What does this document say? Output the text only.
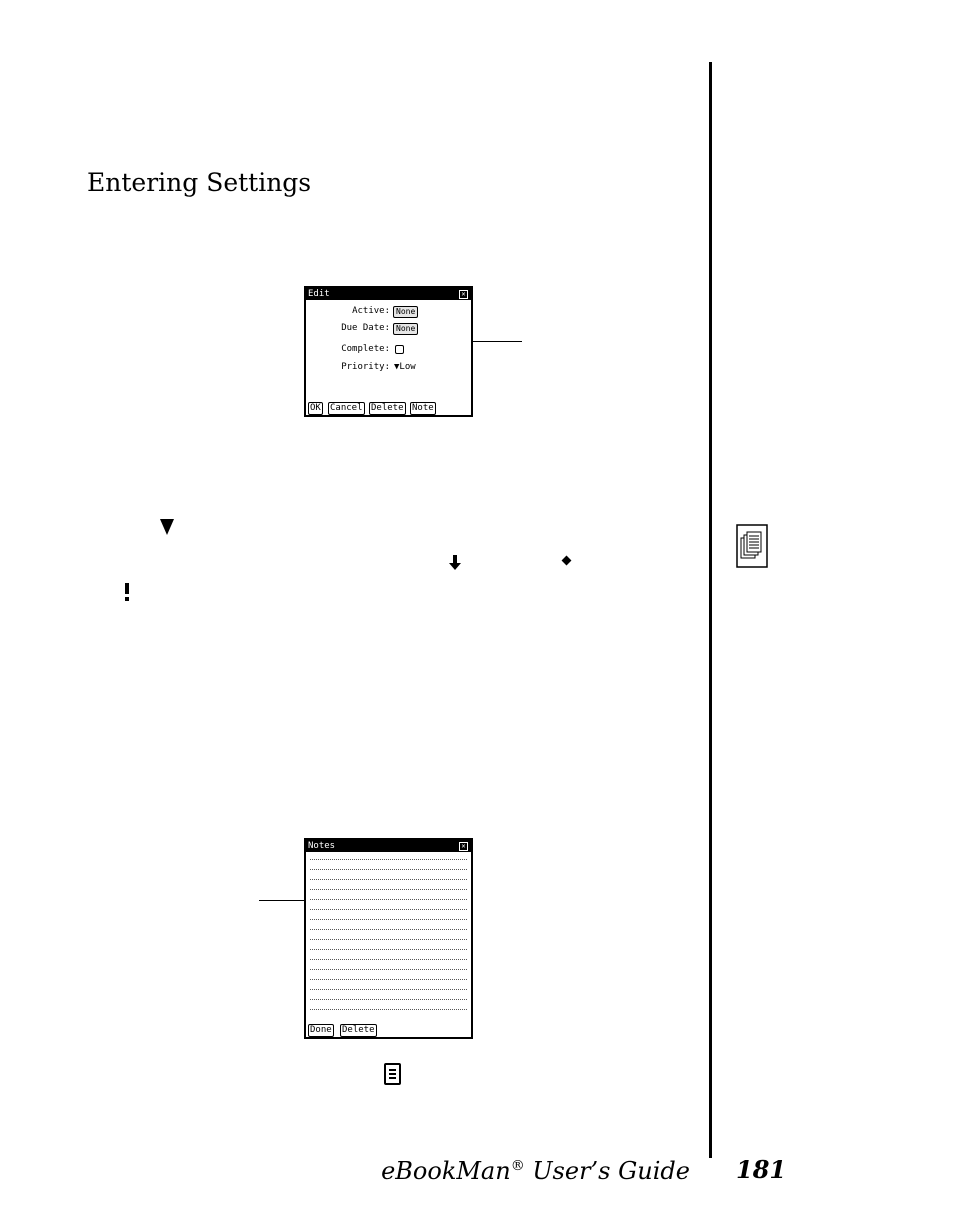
Entering Settings
Edit	✕
Active: None
Due Date: None
Complete:
Priority: ▼Low
OK Cancel Delete Note
Notes	✕
Done Delete
eBookMan® User’s Guide 181
